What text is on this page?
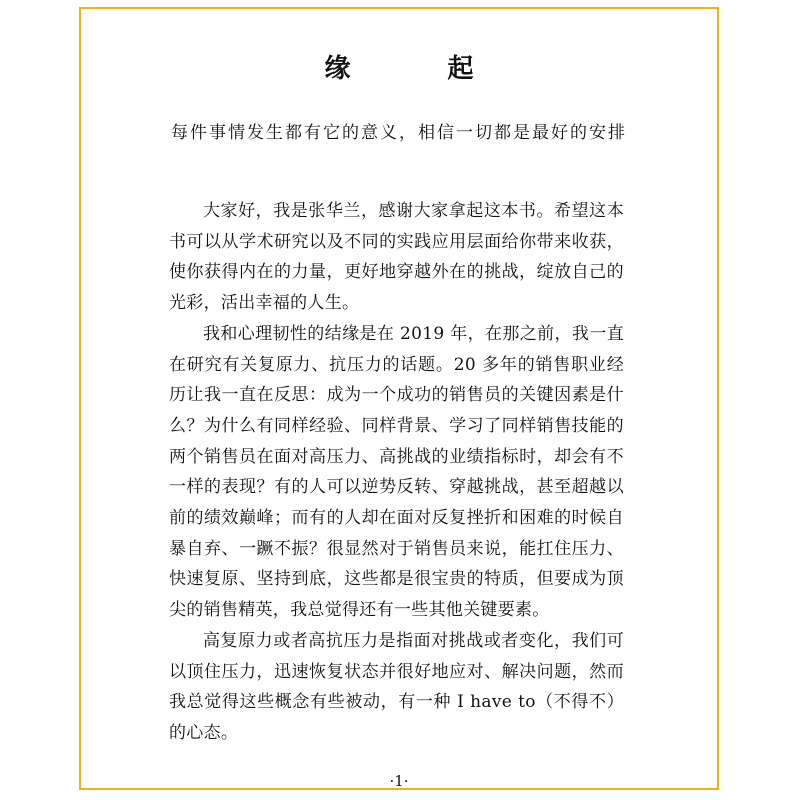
缘 起
每件事情发生都有它的意义，相信一切都是最好的安排

大家好，我是张华兰，感谢大家拿起这本书。希望这本书可以从学术研究以及不同的实践应用层面给你带来收获，使你获得内在的力量，更好地穿越外在的挑战，绽放自己的光彩，活出幸福的人生。

我和心理韧性的结缘是在 2019 年，在那之前，我一直在研究有关复原力、抗压力的话题。20 多年的销售职业经历让我一直在反思：成为一个成功的销售员的关键因素是什么？为什么有同样经验、同样背景、学习了同样销售技能的两个销售员在面对高压力、高挑战的业绩指标时，却会有不一样的表现？有的人可以逆势反转、穿越挑战，甚至超越以前的绩效巅峰；而有的人却在面对反复挫折和困难的时候自暴自弃、一蹶不振？很显然对于销售员来说，能扛住压力、快速复原、坚持到底，这些都是很宝贵的特质，但要成为顶尖的销售精英，我总觉得还有一些其他关键要素。

高复原力或者高抗压力是指面对挑战或者变化，我们可以顶住压力，迅速恢复状态并很好地应对、解决问题，然而我总觉得这些概念有些被动，有一种 I have to（不得不）的心态。

·1·
